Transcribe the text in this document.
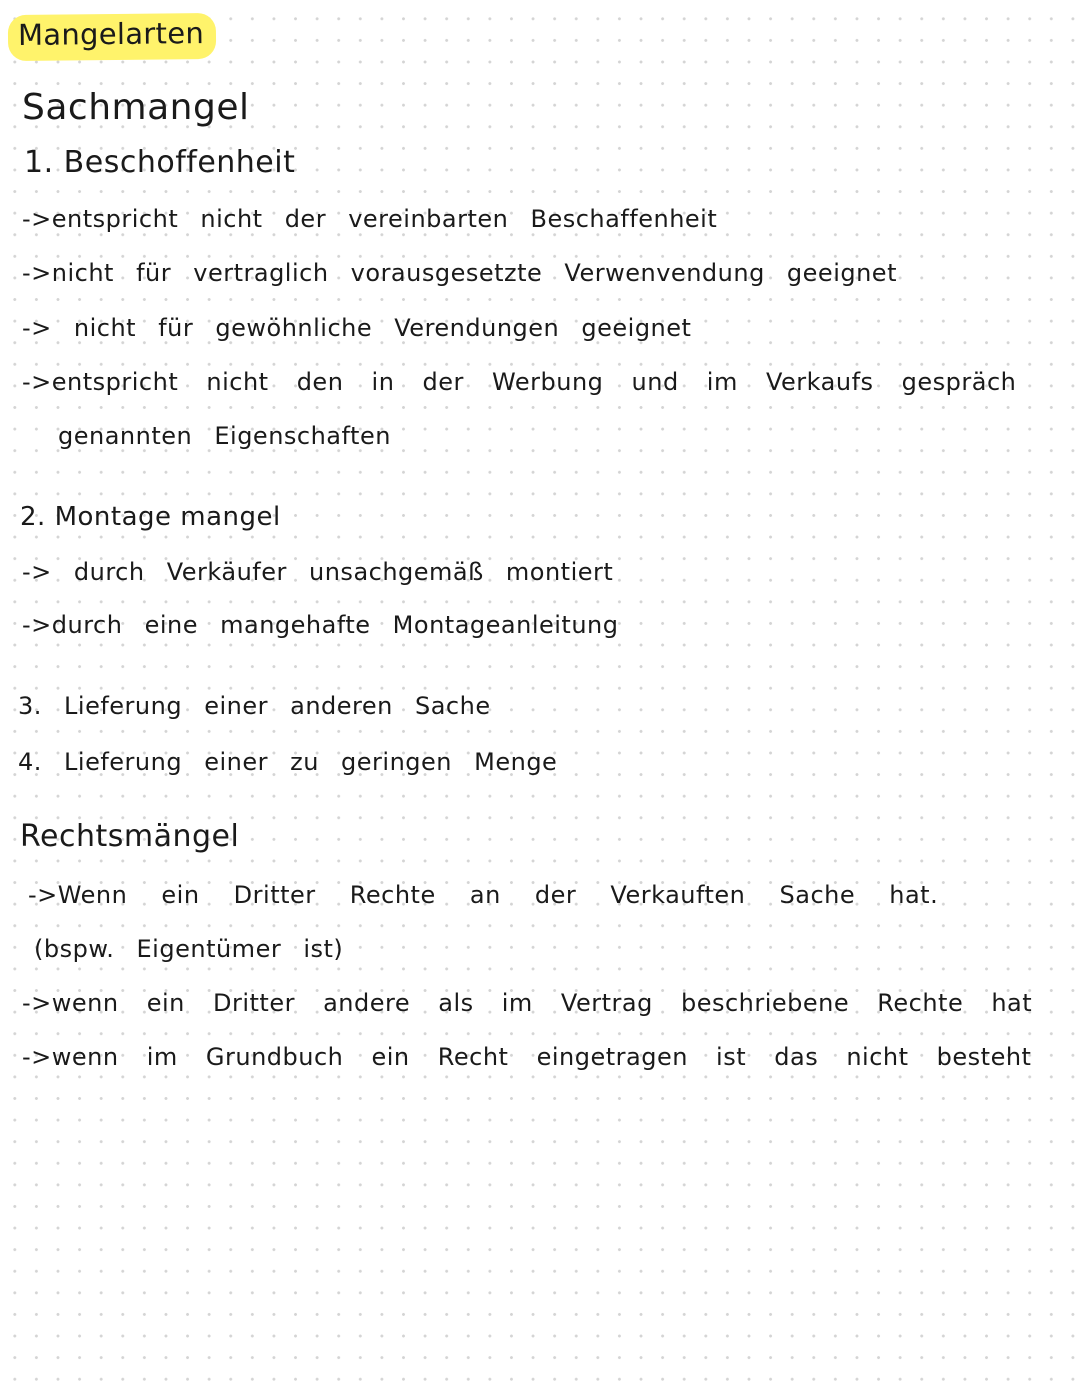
Mangelarten
Sachmangel
1. Beschoffenheit
->entspricht nicht der vereinbarten Beschaffenheit
->nicht für vertraglich vorausgesetzte Verwenvendung geeignet
-> nicht für gewöhnliche Verendungen geeignet
->entspricht nicht den in der Werbung und im Verkaufs gespräch
genannten Eigenschaften
2. Montage mangel
-> durch Verkäufer unsachgemäß montiert
->durch eine mangehafte Montageanleitung
3. Lieferung einer anderen Sache
4. Lieferung einer zu geringen Menge
Rechtsmängel
->Wenn ein Dritter Rechte an der Verkauften Sache hat.
(bspw. Eigentümer ist)
->wenn ein Dritter andere als im Vertrag beschriebene Rechte hat
->wenn im Grundbuch ein Recht eingetragen ist das nicht besteht
